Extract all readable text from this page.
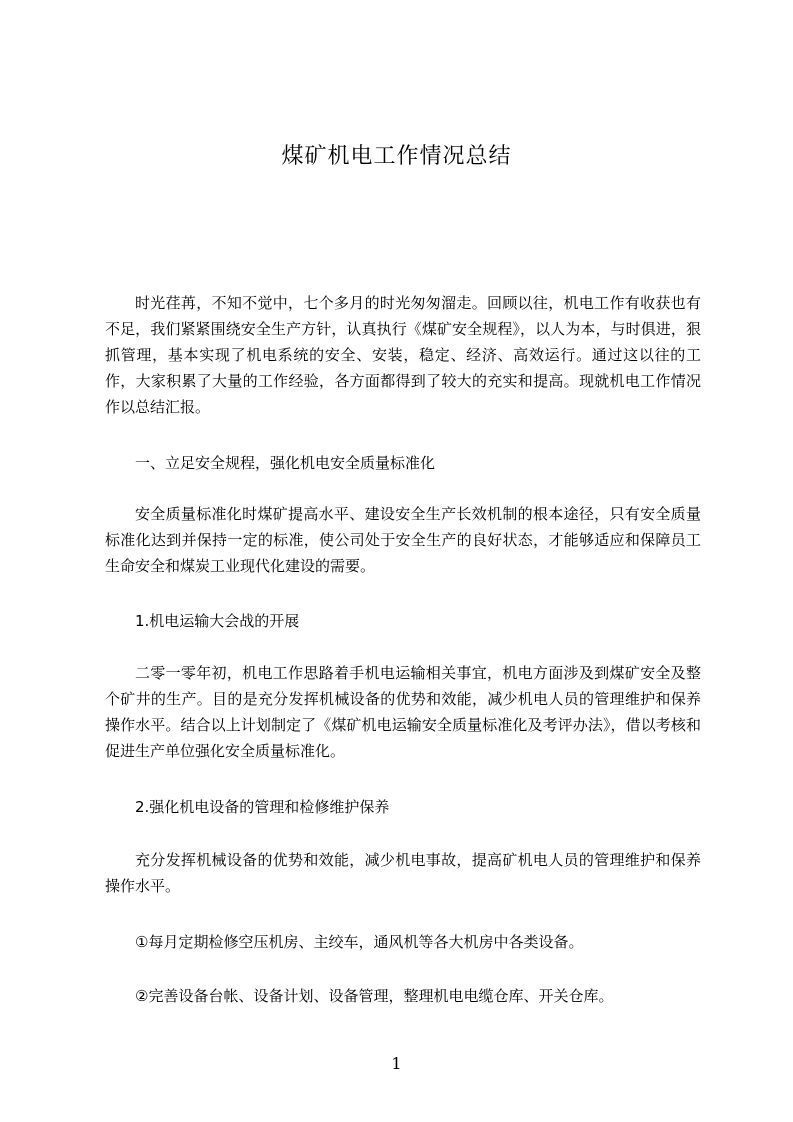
煤矿机电工作情况总结

时光荏苒，不知不觉中，七个多月的时光匆匆溜走。回顾以往，机电工作有收获也有不足，我们紧紧围绕安全生产方针，认真执行《煤矿安全规程》，以人为本，与时俱进，狠抓管理，基本实现了机电系统的安全、安装，稳定、经济、高效运行。通过这以往的工作，大家积累了大量的工作经验，各方面都得到了较大的充实和提高。现就机电工作情况作以总结汇报。

一、立足安全规程，强化机电安全质量标准化

安全质量标准化时煤矿提高水平、建设安全生产长效机制的根本途径，只有安全质量标准化达到并保持一定的标准，使公司处于安全生产的良好状态，才能够适应和保障员工生命安全和煤炭工业现代化建设的需要。

1.机电运输大会战的开展

二零一零年初，机电工作思路着手机电运输相关事宜，机电方面涉及到煤矿安全及整个矿井的生产。目的是充分发挥机械设备的优势和效能，减少机电人员的管理维护和保养操作水平。结合以上计划制定了《煤矿机电运输安全质量标准化及考评办法》，借以考核和促进生产单位强化安全质量标准化。

2.强化机电设备的管理和检修维护保养

充分发挥机械设备的优势和效能，减少机电事故，提高矿机电人员的管理维护和保养操作水平。

①每月定期检修空压机房、主绞车，通风机等各大机房中各类设备。

②完善设备台帐、设备计划、设备管理，整理机电电缆仓库、开关仓库。

1
